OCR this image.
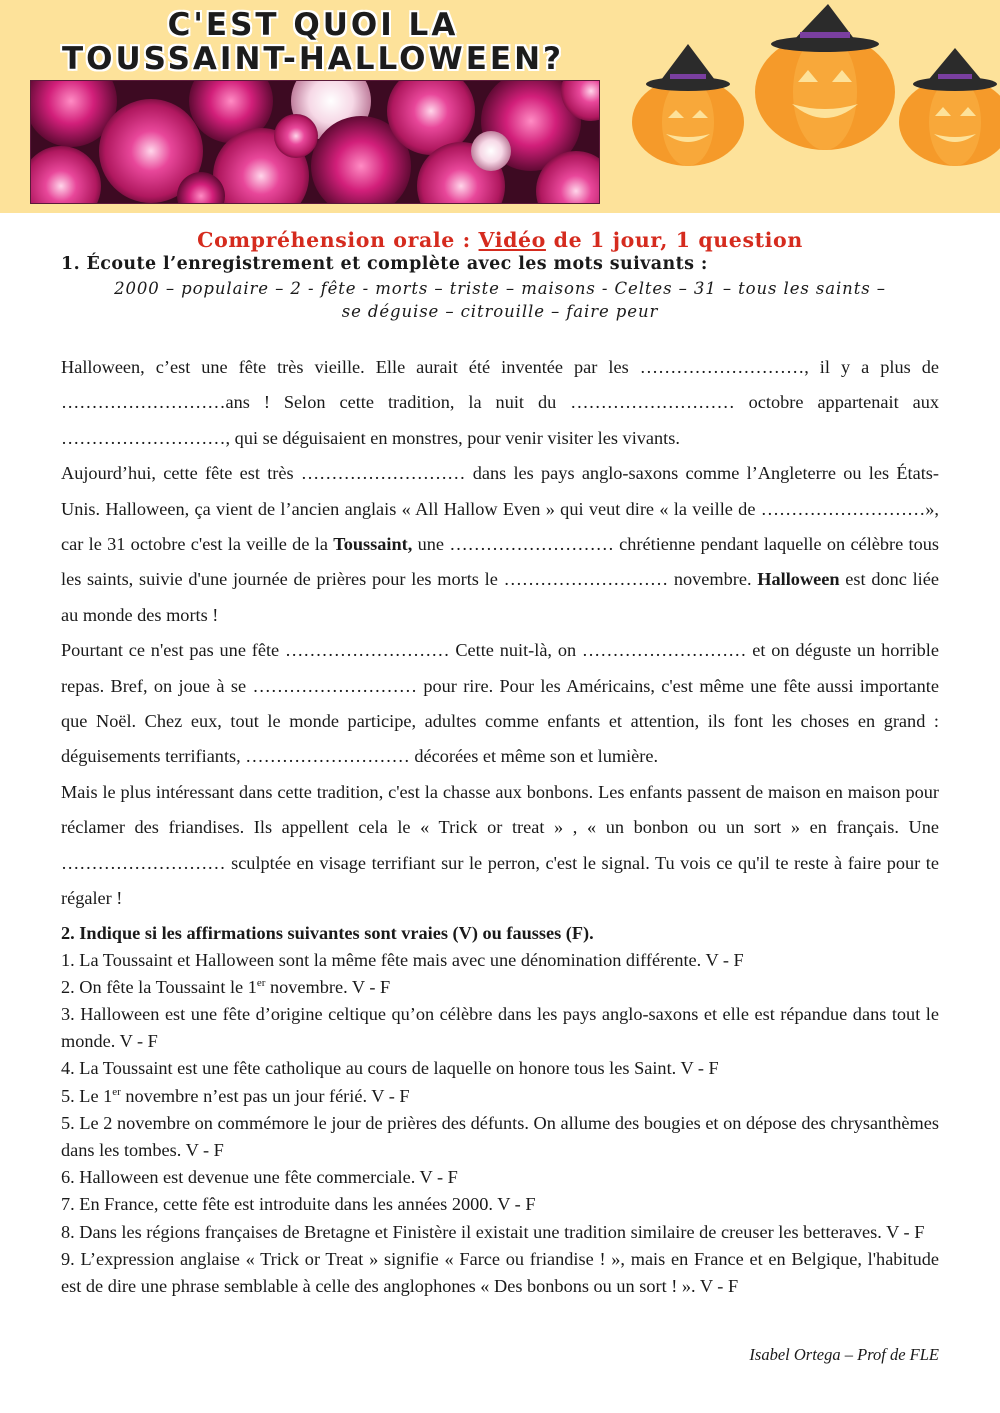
C'EST QUOI LA
TOUSSAINT-HALLOWEEN?
Compréhension orale : Vidéo de 1 jour, 1 question
1. Écoute l’enregistrement et complète avec les mots suivants :
2000 – populaire – 2 - fête - morts – triste – maisons - Celtes – 31 – tous les saints –
se déguise – citrouille – faire peur

Halloween, c’est une fête très vieille. Elle aurait été inventée par les ………………………, il y a plus de ………………………ans ! Selon cette tradition, la nuit du ……………………… octobre appartenait aux ………………………, qui se déguisaient en monstres, pour venir visiter les vivants.

Aujourd’hui, cette fête est très ……………………… dans les pays anglo-saxons comme l’Angleterre ou les États-Unis. Halloween, ça vient de l’ancien anglais « All Hallow Even » qui veut dire « la veille de ………………………», car le 31 octobre c'est la veille de la Toussaint, une ……………………… chrétienne pendant laquelle on célèbre tous les saints, suivie d'une journée de prières pour les morts le ……………………… novembre. Halloween est donc liée au monde des morts !

Pourtant ce n'est pas une fête ……………………… Cette nuit-là, on ……………………… et on déguste un horrible repas. Bref, on joue à se ……………………… pour rire. Pour les Américains, c'est même une fête aussi importante que Noël. Chez eux, tout le monde participe, adultes comme enfants et attention, ils font les choses en grand : déguisements terrifiants, ……………………… décorées et même son et lumière.

Mais le plus intéressant dans cette tradition, c'est la chasse aux bonbons. Les enfants passent de maison en maison pour réclamer des friandises. Ils appellent cela le « Trick or treat » , « un bonbon ou un sort » en français. Une ……………………… sculptée en visage terrifiant sur le perron, c'est le signal. Tu vois ce qu'il te reste à faire pour te régaler !

2. Indique si les affirmations suivantes sont vraies (V) ou fausses (F).
1. La Toussaint et Halloween sont la même fête mais avec une dénomination différente. V - F
2. On fête la Toussaint le 1er novembre. V - F
3. Halloween est une fête d’origine celtique qu’on célèbre dans les pays anglo-saxons et elle est répandue dans tout le monde. V - F
4. La Toussaint est une fête catholique au cours de laquelle on honore tous les Saint. V - F
5. Le 1er novembre n’est pas un jour férié. V - F
5. Le 2 novembre on commémore le jour de prières des défunts. On allume des bougies et on dépose des chrysanthèmes dans les tombes. V - F
6. Halloween est devenue une fête commerciale. V - F
7. En France, cette fête est introduite dans les années 2000. V - F
8. Dans les régions françaises de Bretagne et Finistère il existait une tradition similaire de creuser les betteraves. V - F
9. L’expression anglaise « Trick or Treat » signifie « Farce ou friandise ! », mais en France et en Belgique, l'habitude est de dire une phrase semblable à celle des anglophones « Des bonbons ou un sort ! ». V - F
Isabel Ortega – Prof de FLE
